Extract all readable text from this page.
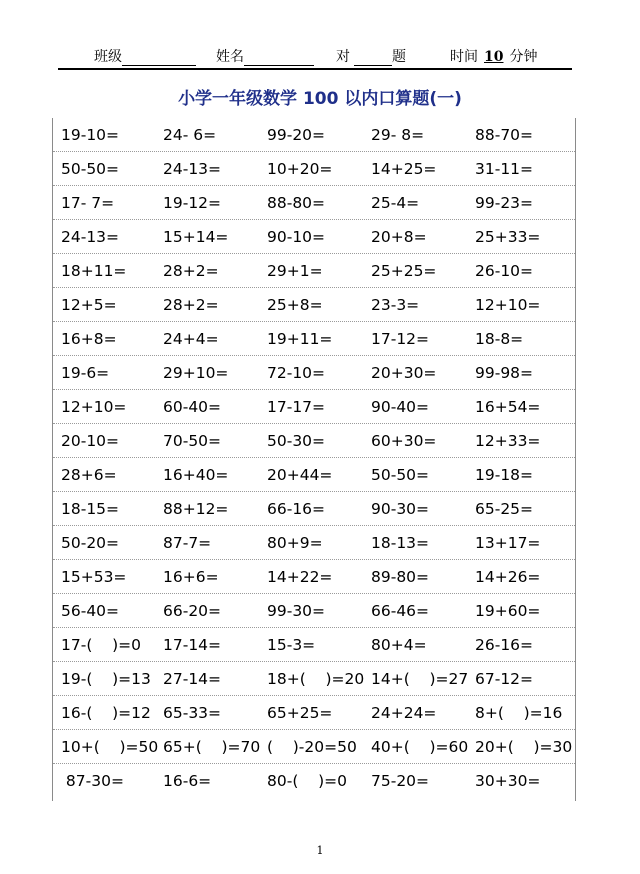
班级	姓名	对	题	时间 10 分钟
小学一年级数学 100 以内口算题(一)
19-10=	24- 6=	99-20=	29- 8=	88-70=
50-50=	24-13=	10+20= 14+25= 31-11=
17- 7=	19-12=	88-80=	25-4=	99-23=
24-13=	15+14= 90-10=	20+8=	25+33=
18+11= 28+2=	29+1=	25+25= 26-10=
12+5=	28+2=	25+8=	23-3=	12+10=
16+8=	24+4=	19+11= 17-12=	18-8=
19-6=	29+10= 72-10=	20+30= 99-98=
12+10= 60-40=	17-17=	90-40=	16+54=
20-10=	70-50=	50-30=	60+30= 12+33=
28+6=	16+40= 20+44= 50-50=	19-18=
18-15=	88+12= 66-16=	90-30=	65-25=
50-20=	87-7=	80+9=	18-13=	13+17=
15+53= 16+6=	14+22= 89-80=	14+26=
56-40=	66-20=	99-30=	66-46=	19+60=
17-(    )=0 17-14=	15-3=	80+4=	26-16=
19-(    )=13 27-14=	18+(    )=20 14+(    )=27 67-12=
16-(    )=12 65-33=	65+25= 24+24= 8+(    )=16
10+(    )=50 65+(    )=70 (    )-20=50 40+(    )=60 20+(    )=30
87-30=	16-6=	80-(    )=0 75-20=	30+30=
1
